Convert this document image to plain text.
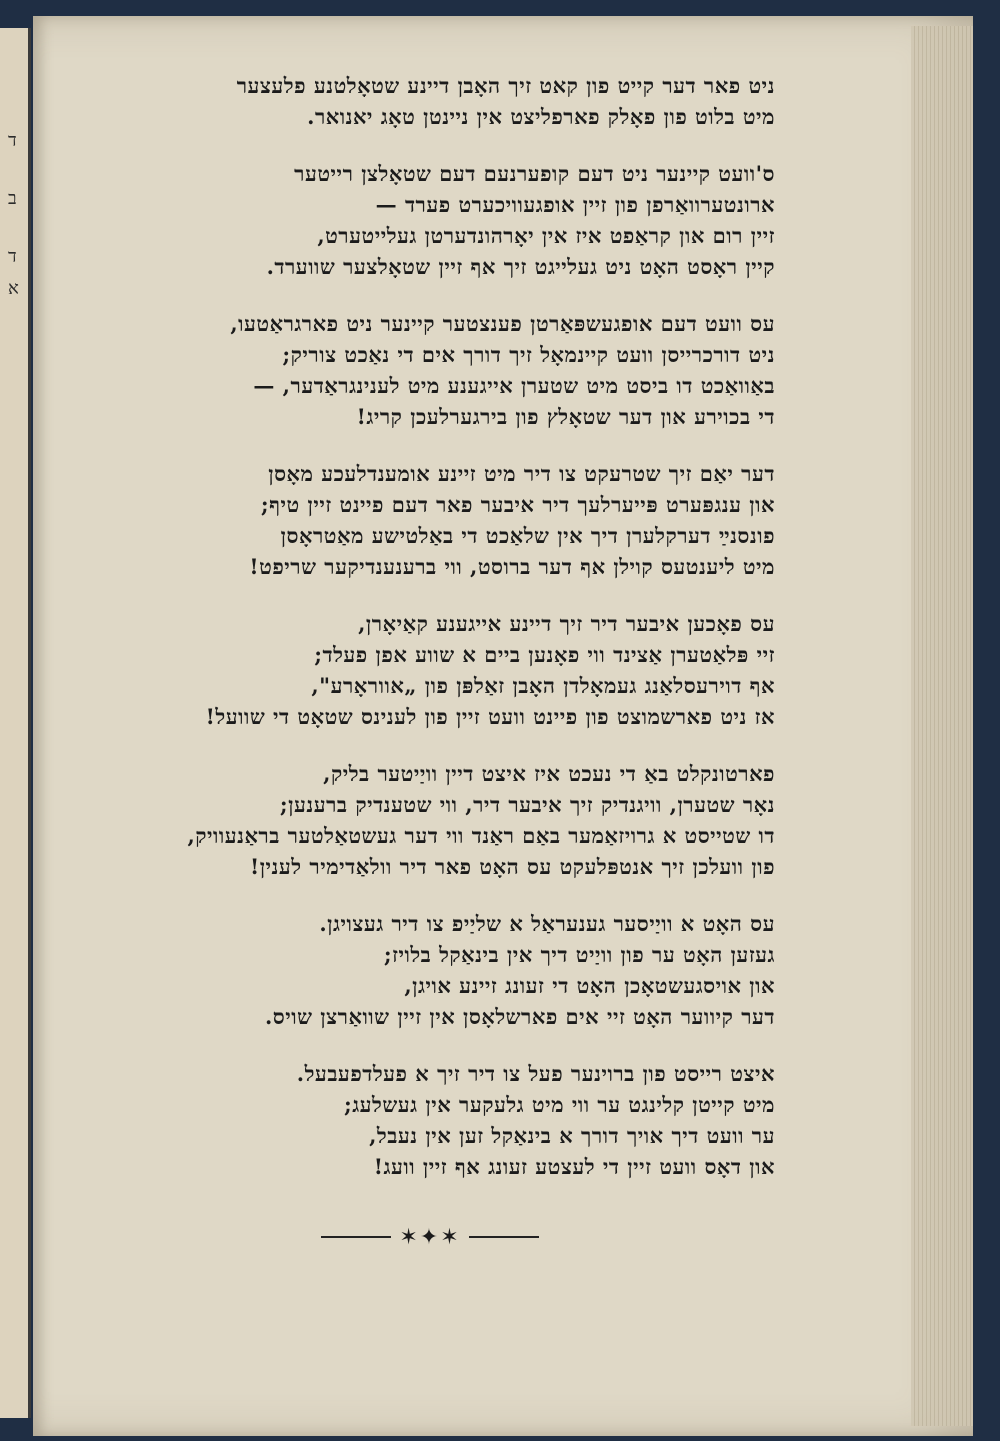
ד
ב
ד
א
ניט פאר דער קייט פון קאט זיך האָבן דיינע שטאָלטנע פלעצער
מיט בלוט פון פאָלק פארפליצט אין ניינטן טאָג יאנואר.
ס'וועט קיינער ניט דעם קופערנעם דעם שטאָלצן רייטער
ארונטערוואַרפן פון זיין אופגעוויכערט פערד —
זיין רום און קראַפט איז אין יאָרהונדערטן געלייטערט,
קיין ראָסט האָט ניט געלייגט זיך אף זיין שטאָלצער שווערד.
עס וועט דעם אופגעשפּאַרטן פענצטער קיינער ניט פארגראַטעו,
ניט דורכרייסן וועט קיינמאָל זיך דורך אים די נאַכט צוריק;
באַוואַכט דו ביסט מיט שטערן אייגענע מיט לענינגראַדער, —
די בכוירע און דער שטאָלץ פון בירגערלעכן קריג!
דער יאַם זיך שטרעקט צו דיר מיט זיינע אומענדלעכע מאָסן
און ענגפּערט פּייערלעך דיר איבער פאר דעם פיינט זיין טיף;
פונסנײַ דערקלערן דיך אין שלאַכט די באַלטישע מאַטראָסן
מיט ליענטעס קוילן אף דער ברוסט, ווי ברענענדיקער שריפט!
עס פאָכען איבער דיר זיך דיינע אייגענע קאַיאָרן,
זיי פּלאַטערן אַצינד ווי פאָנען ביים א שווע אפן פעלד;
אף דוירעסלאַנג געמאָלדן האָבן זאַלפּן פון „אווראָרע",
אז ניט פארשמוצט פון פיינט וועט זיין פון לענינס שטאָט די שוועל!
פארטונקלט באַ די נעכט איז איצט דיין וויַיטער בליק,
נאָר שטערן, וויגנדיק זיך איבער דיר, ווי שטענדיק ברענען;
דו שטייסט א גרויזאַמער באַם ראַנד ווי דער געשטאַלטער בראַנעוויק,
פון וועלכן זיך אנטפּלעקט עס האָט פאר דיר וולאַדימיר לענין!
עס האָט א וויַיסער גענעראַל א שליַיפ צו דיר געצויגן.
געזען האָט ער פון וויַיט דיך אין בינאַקל בלויז;
און אויסגעשטאָכן האָט די זעונג זיינע אויגן,
דער קיווער האָט זיי אים פארשלאָסן אין זיין שוואַרצן שויס.
איצט רייסט פון ברוינער פעל צו דיר זיך א פעלדפעבעל.
מיט קייטן קלינגט ער ווי מיט גלעקער אין געשלעג;
ער וועט דיך אויך דורך א בינאַקל זען אין נעבל,
און דאָס וועט זיין די לעצטע זעונג אף זיין וועג!
✶✦✶
